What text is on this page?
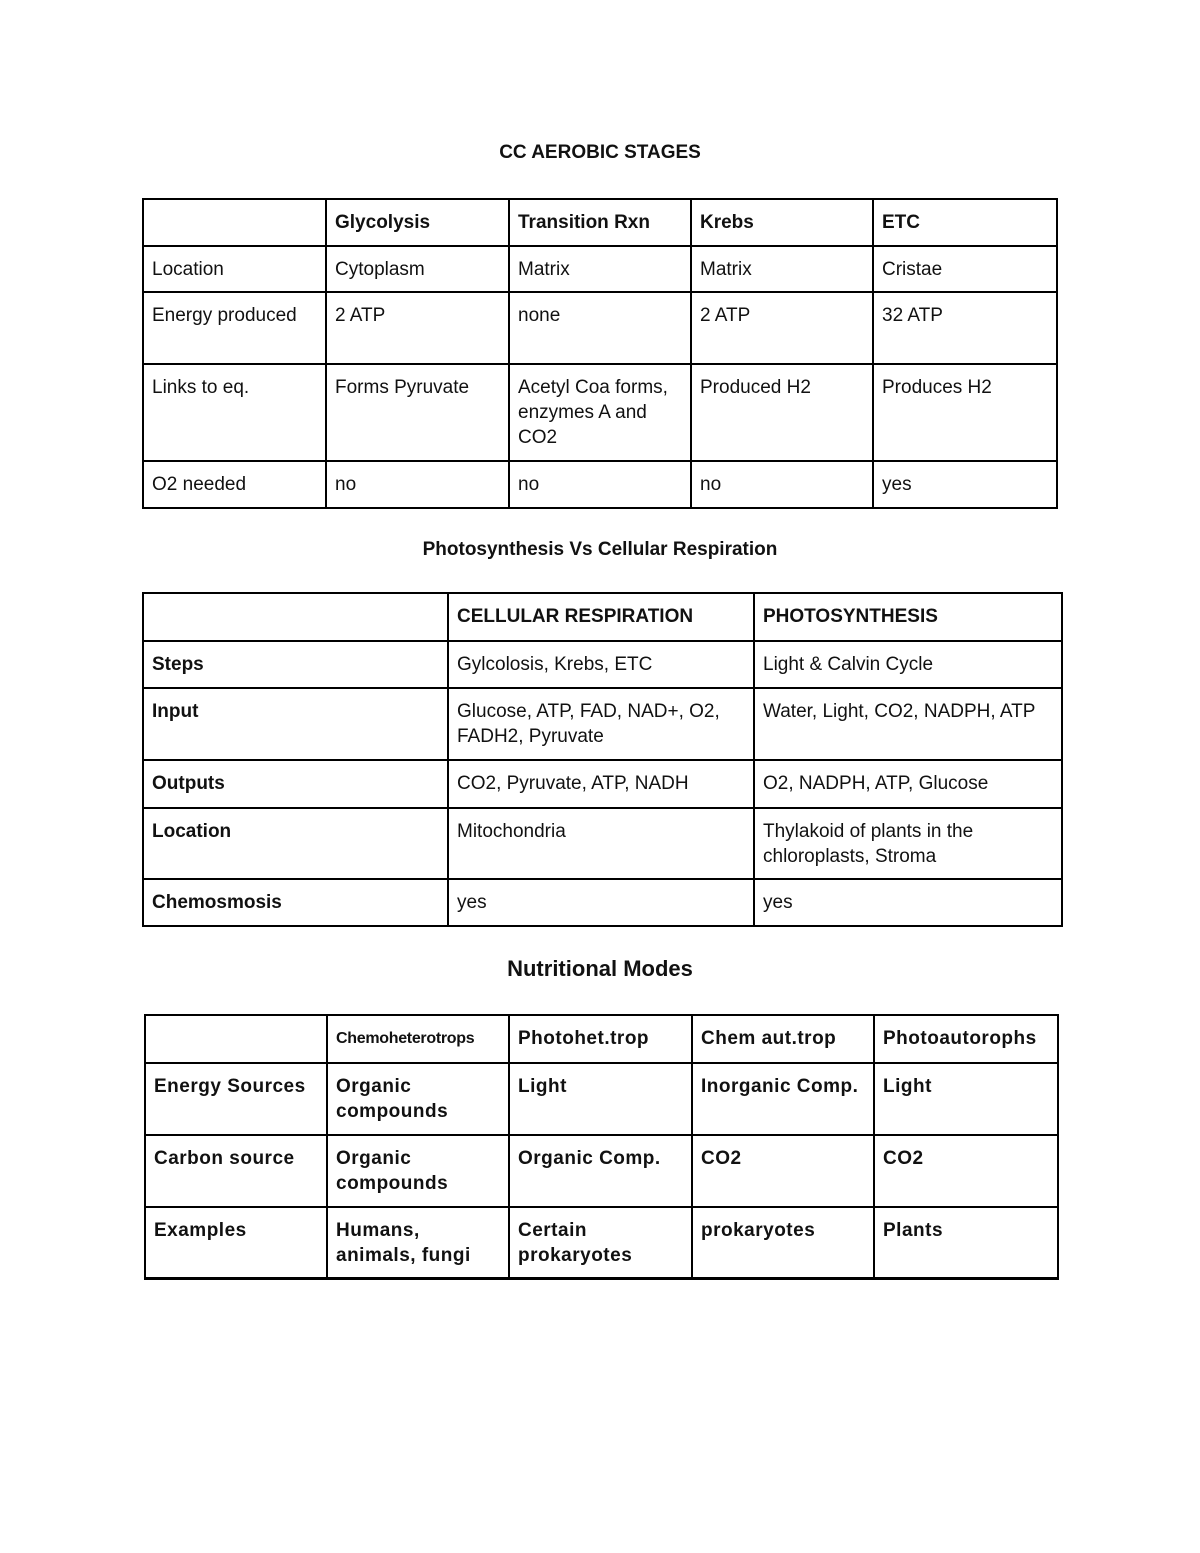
CC AEROBIC STAGES
	Glycolysis	Transition Rxn	Krebs	ETC
Location	Cytoplasm	Matrix	Matrix	Cristae
Energy produced	2 ATP	none	2 ATP	32 ATP
Links to eq.	Forms Pyruvate	Acetyl Coa forms, enzymes A and CO2	Produced H2	Produces H2
O2 needed	no	no	no	yes
Photosynthesis Vs Cellular Respiration
	CELLULAR RESPIRATION	PHOTOSYNTHESIS
Steps	Gylcolosis, Krebs, ETC	Light & Calvin Cycle
Input	Glucose, ATP, FAD, NAD+, O2, FADH2, Pyruvate	Water, Light, CO2, NADPH, ATP
Outputs	CO2, Pyruvate, ATP, NADH	O2, NADPH, ATP, Glucose
Location	Mitochondria	Thylakoid of plants in the chloroplasts, Stroma
Chemosmosis	yes	yes
Nutritional Modes
	Chemoheterotrops	Photohet.trop	Chem aut.trop	Photoautorophs
Energy Sources	Organic compounds	Light	Inorganic Comp.	Light
Carbon source	Organic compounds	Organic Comp.	CO2	CO2
Examples	Humans, animals, fungi	Certain prokaryotes	prokaryotes	Plants
